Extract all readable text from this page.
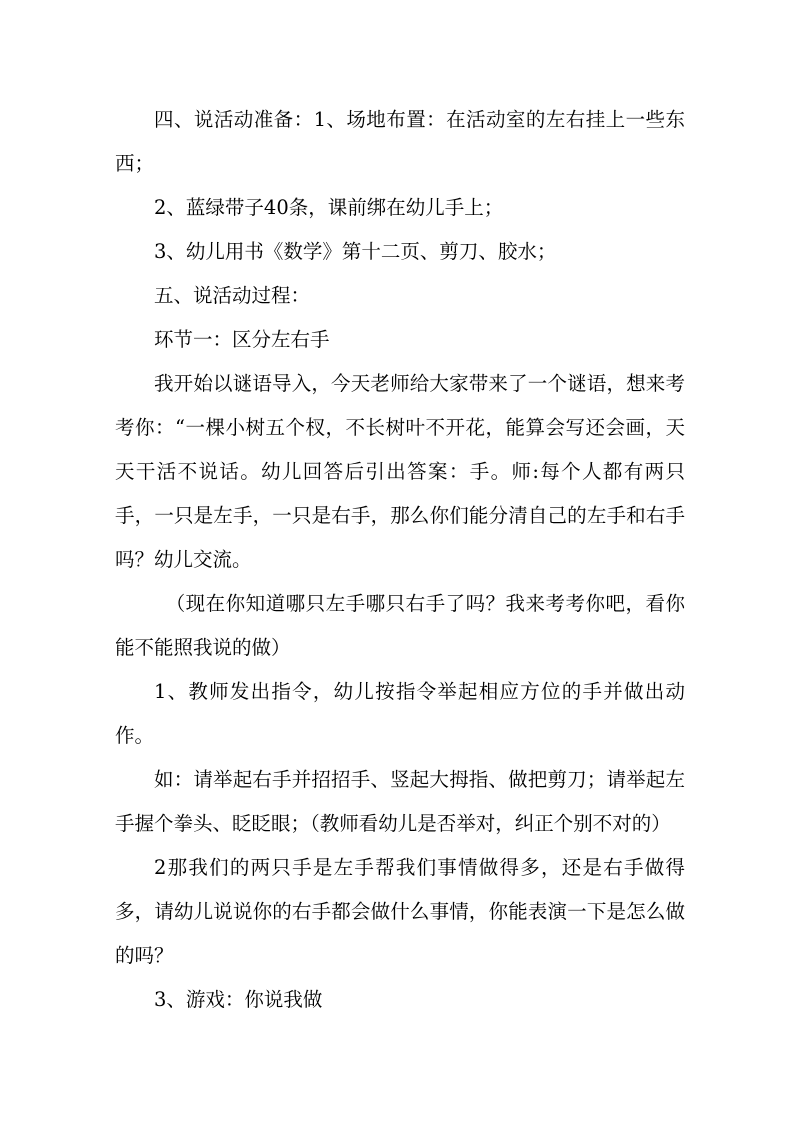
四、说活动准备：1、场地布置：在活动室的左右挂上一些东西；

2、蓝绿带子40条，课前绑在幼儿手上；

3、幼儿用书《数学》第十二页、剪刀、胶水；

五、说活动过程：

环节一：区分左右手

我开始以谜语导入，今天老师给大家带来了一个谜语，想来考考你：“一棵小树五个杈，不长树叶不开花，能算会写还会画，天天干活不说话。幼儿回答后引出答案：手。师:每个人都有两只手，一只是左手，一只是右手，那么你们能分清自己的左手和右手吗？幼儿交流。

（现在你知道哪只左手哪只右手了吗？我来考考你吧，看你能不能照我说的做）

1、教师发出指令，幼儿按指令举起相应方位的手并做出动作。

如：请举起右手并招招手、竖起大拇指、做把剪刀；请举起左手握个拳头、眨眨眼；（教师看幼儿是否举对，纠正个别不对的）

2那我们的两只手是左手帮我们事情做得多，还是右手做得多，请幼儿说说你的右手都会做什么事情，你能表演一下是怎么做的吗？

3、游戏：你说我做
